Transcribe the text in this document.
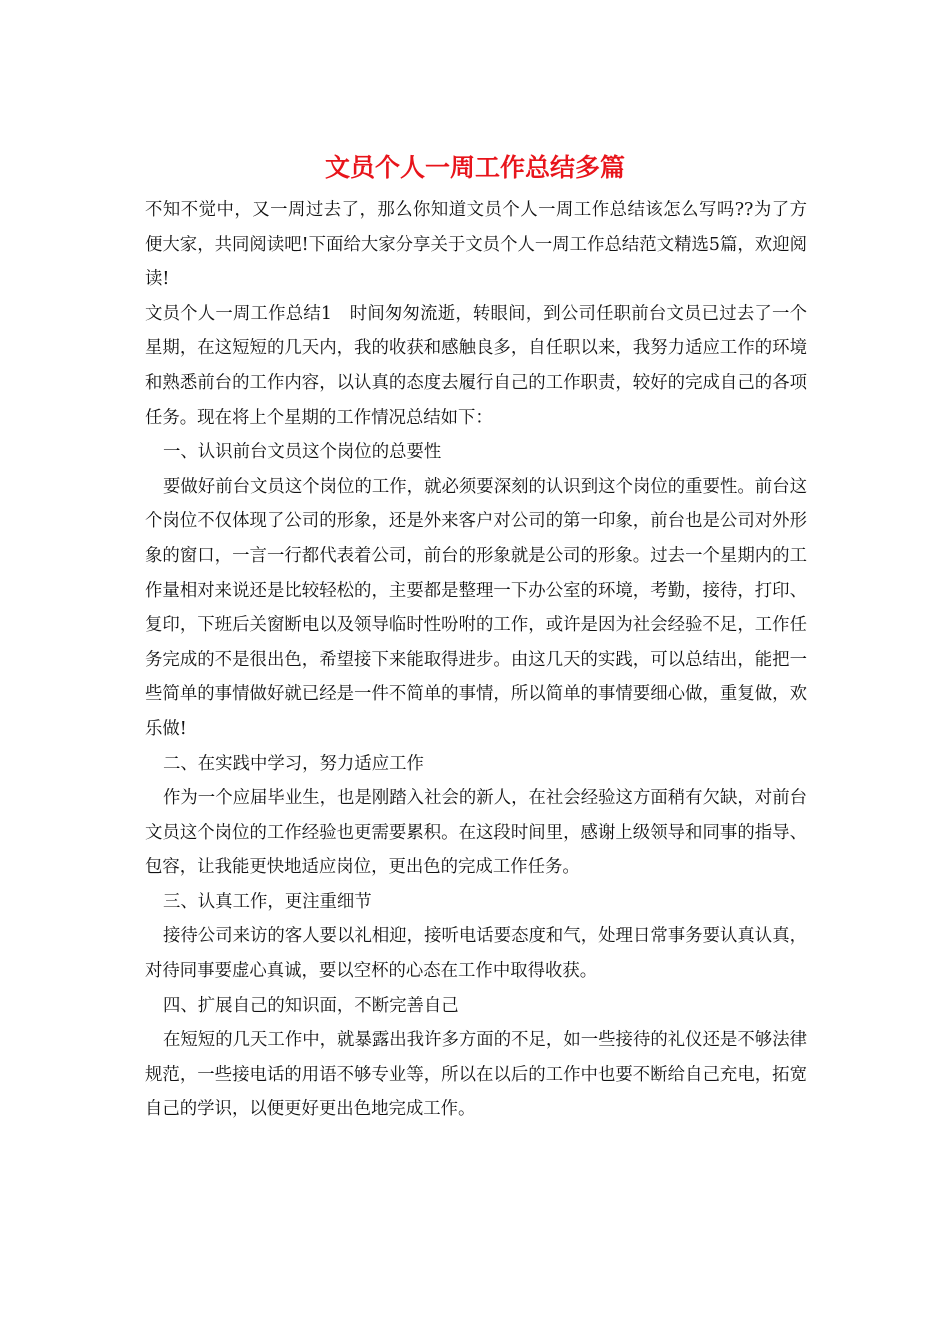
文员个人一周工作总结多篇

不知不觉中，又一周过去了，那么你知道文员个人一周工作总结该怎么写吗??为了方便大家，共同阅读吧!下面给大家分享关于文员个人一周工作总结范文精选5篇，欢迎阅读!

文员个人一周工作总结1　时间匆匆流逝，转眼间，到公司任职前台文员已过去了一个星期，在这短短的几天内，我的收获和感触良多，自任职以来，我努力适应工作的环境和熟悉前台的工作内容，以认真的态度去履行自己的工作职责，较好的完成自己的各项任务。现在将上个星期的工作情况总结如下：

一、认识前台文员这个岗位的总要性

要做好前台文员这个岗位的工作，就必须要深刻的认识到这个岗位的重要性。前台这个岗位不仅体现了公司的形象，还是外来客户对公司的第一印象，前台也是公司对外形象的窗口，一言一行都代表着公司，前台的形象就是公司的形象。过去一个星期内的工作量相对来说还是比较轻松的，主要都是整理一下办公室的环境，考勤，接待，打印、复印，下班后关窗断电以及领导临时性吩咐的工作，或许是因为社会经验不足，工作任务完成的不是很出色，希望接下来能取得进步。由这几天的实践，可以总结出，能把一些简单的事情做好就已经是一件不简单的事情，所以简单的事情要细心做，重复做，欢乐做!

二、在实践中学习，努力适应工作

作为一个应届毕业生，也是刚踏入社会的新人，在社会经验这方面稍有欠缺，对前台文员这个岗位的工作经验也更需要累积。在这段时间里，感谢上级领导和同事的指导、包容，让我能更快地适应岗位，更出色的完成工作任务。

三、认真工作，更注重细节

接待公司来访的客人要以礼相迎，接听电话要态度和气，处理日常事务要认真认真，对待同事要虚心真诚，要以空杯的心态在工作中取得收获。

四、扩展自己的知识面，不断完善自己

在短短的几天工作中，就暴露出我许多方面的不足，如一些接待的礼仪还是不够法律规范，一些接电话的用语不够专业等，所以在以后的工作中也要不断给自己充电，拓宽自己的学识，以便更好更出色地完成工作。
